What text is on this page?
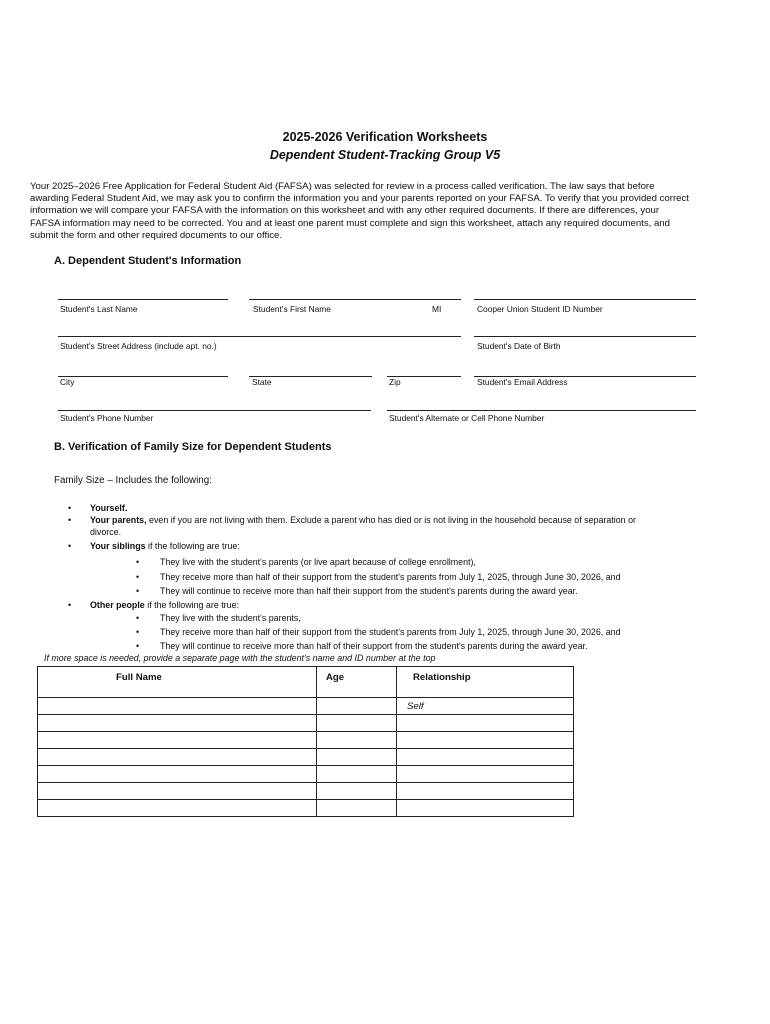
2025-2026 Verification Worksheets
Dependent Student-Tracking Group V5
Your 2025–2026 Free Application for Federal Student Aid (FAFSA) was selected for review in a process called verification. The law says that before awarding Federal Student Aid, we may ask you to confirm the information you and your parents reported on your FAFSA. To verify that you provided correct information we will compare your FAFSA with the information on this worksheet and with any other required documents. If there are differences, your FAFSA information may need to be corrected. You and at least one parent must complete and sign this worksheet, attach any required documents, and submit the form and other required documents to our office.
A. Dependent Student's Information
Student's Last Name	Student's First Name	MI	Cooper Union Student ID Number
Student's Street Address (include apt. no.)	Student's Date of Birth
City	State	Zip	Student's Email Address
Student's Phone Number	Student's Alternate or Cell Phone Number
B. Verification of Family Size for Dependent Students
Family Size – Includes the following:
• Yourself.
• Your parents, even if you are not living with them. Exclude a parent who has died or is not living in the household because of separation or
divorce.
• Your siblings if the following are true:
• They live with the student's parents (or live apart because of college enrollment),
• They receive more than half of their support from the student's parents from July 1, 2025, through June 30, 2026, and
• They will continue to receive more than half their support from the student's parents during the award year.
• Other people if the following are true:
• They live with the student's parents,
• They receive more than half of their support from the student's parents from July 1, 2025, through June 30, 2026, and
• They will continue to receive more than half of their support from the student's parents during the award year.
If more space is needed, provide a separate page with the student's name and ID number at the top
Full Name	Age	Relationship
		Self
